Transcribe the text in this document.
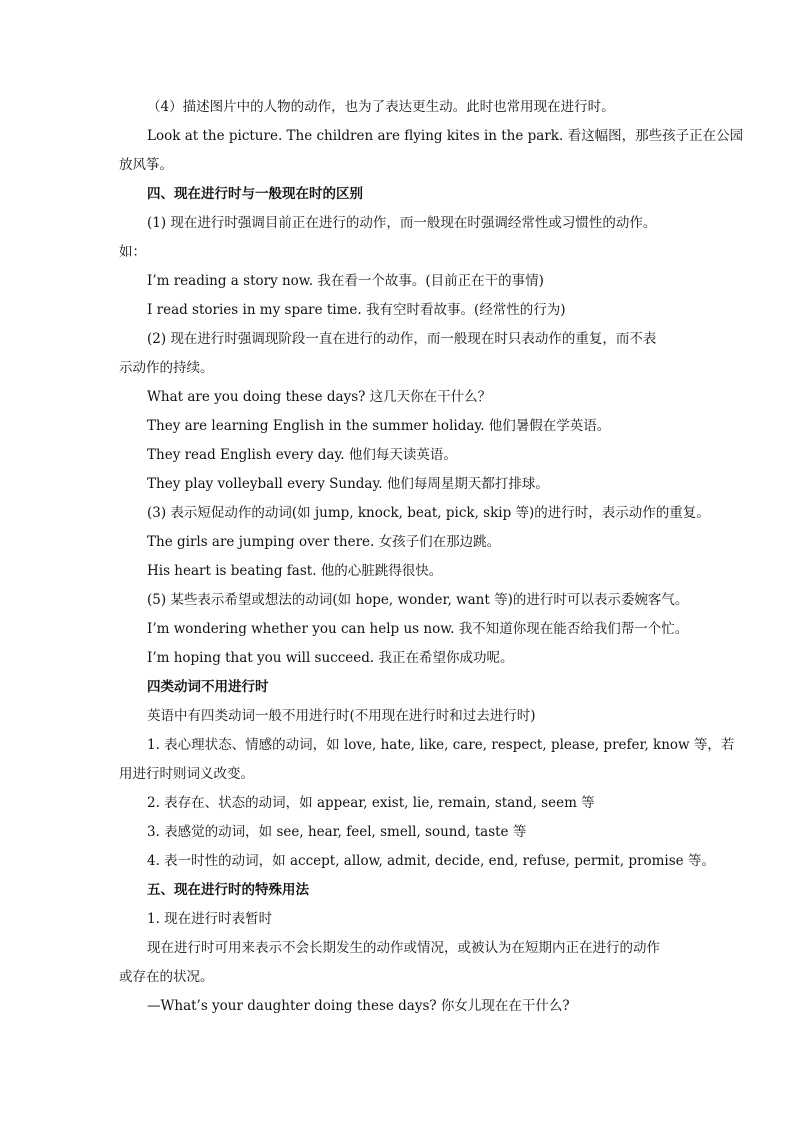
（4）描述图片中的人物的动作，也为了表达更生动。此时也常用现在进行时。
Look at the picture. The children are flying kites in the park. 看这幅图，那些孩子正在公园
放风筝。
四、现在进行时与一般现在时的区别
(1) 现在进行时强调目前正在进行的动作，而一般现在时强调经常性或习惯性的动作。
如：
I’m reading a story now. 我在看一个故事。(目前正在干的事情)
I read stories in my spare time. 我有空时看故事。(经常性的行为)
(2) 现在进行时强调现阶段一直在进行的动作，而一般现在时只表动作的重复，而不表
示动作的持续。
What are you doing these days? 这几天你在干什么？
They are learning English in the summer holiday. 他们暑假在学英语。
They read English every day. 他们每天读英语。
They play volleyball every Sunday. 他们每周星期天都打排球。
(3) 表示短促动作的动词(如 jump, knock, beat, pick, skip 等)的进行时，表示动作的重复。
The girls are jumping over there. 女孩子们在那边跳。
His heart is beating fast. 他的心脏跳得很快。
(5) 某些表示希望或想法的动词(如 hope, wonder, want 等)的进行时可以表示委婉客气。
I’m wondering whether you can help us now. 我不知道你现在能否给我们帮一个忙。
I’m hoping that you will succeed. 我正在希望你成功呢。
四类动词不用进行时
英语中有四类动词一般不用进行时(不用现在进行时和过去进行时)
1. 表心理状态、情感的动词，如 love, hate, like, care, respect, please, prefer, know 等，若
用进行时则词义改变。
2. 表存在、状态的动词，如 appear, exist, lie, remain, stand, seem 等
3. 表感觉的动词，如 see, hear, feel, smell, sound, taste 等
4. 表一时性的动词，如 accept, allow, admit, decide, end, refuse, permit, promise 等。
五、现在进行时的特殊用法
1. 现在进行时表暂时
现在进行时可用来表示不会长期发生的动作或情况，或被认为在短期内正在进行的动作
或存在的状况。
—What’s your daughter doing these days? 你女儿现在在干什么?
